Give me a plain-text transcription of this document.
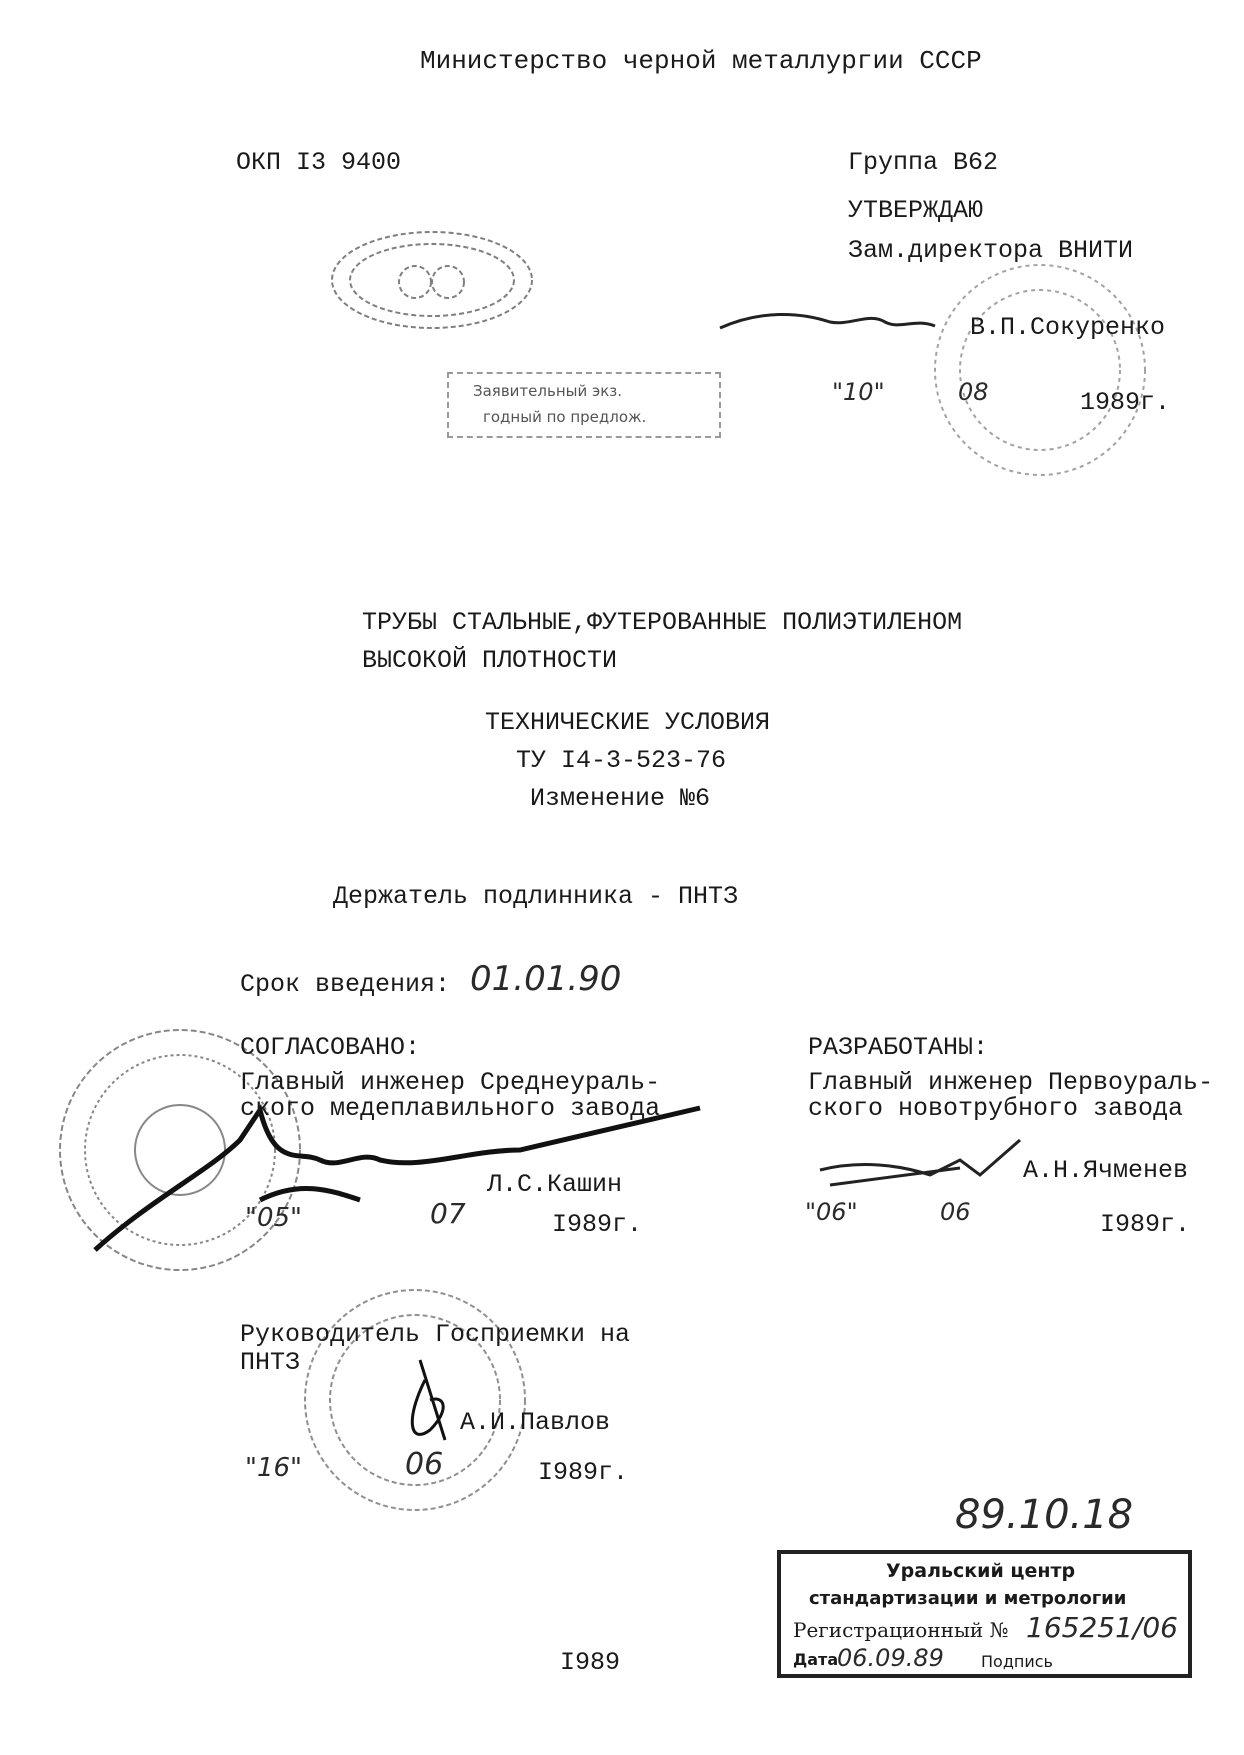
Заявительный экз.
годный по предлож.
Министерство черной металлургии СССР
ОКП I3 9400	Группа В62
УТВЕРЖДАЮ
Зам.директора ВНИТИ
В.П.Сокуренко
"10"	08	1989г.
ТРУБЫ СТАЛЬНЫЕ,ФУТЕРОВАННЫЕ ПОЛИЭТИЛЕНОМ
ВЫСОКОЙ ПЛОТНОСТИ
ТЕХНИЧЕСКИЕ УСЛОВИЯ
ТУ I4-3-523-76
Изменение №6
Держатель подлинника - ПНТЗ
Срок введения: 01.01.90
СОГЛАСОВАНО:
Главный инженер Среднеураль-
ского медеплавильного завода
Л.С.Кашин
"05"	07	I989г.
РАЗРАБОТАНЫ:
Главный инженер Первоураль-
ского новотрубного завода
А.Н.Ячменев
"06"	06	I989г.
Руководитель Госприемки на
ПНТЗ
А.И.Павлов
"16"	06	I989г.
89.10.18
Уральский центр
стандартизации и метрологии
Регистрационный № 165251/06
Дата
06.09.89 Подпись
I989
